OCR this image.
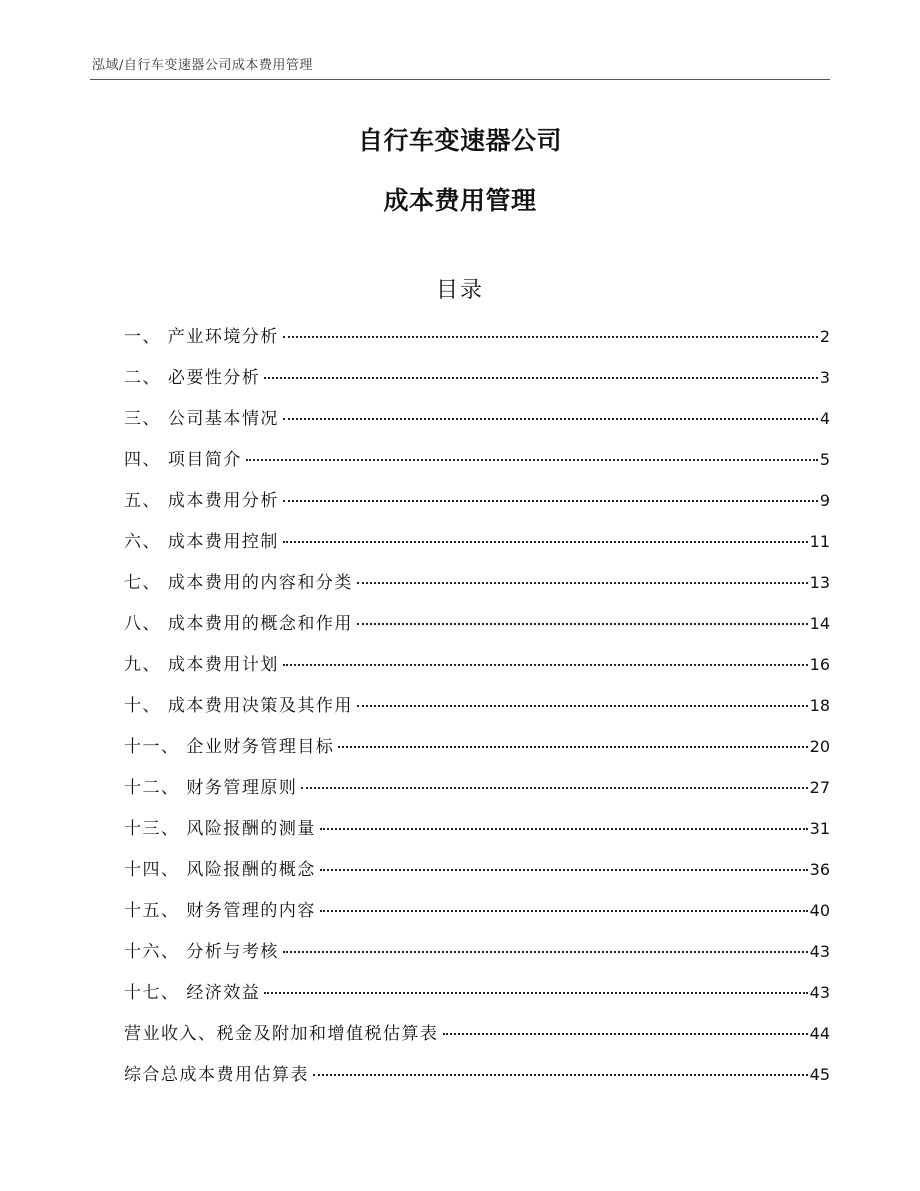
泓域/自行车变速器公司成本费用管理
自行车变速器公司
成本费用管理
目录
一、 产业环境分析	2
二、 必要性分析	3
三、 公司基本情况	4
四、 项目简介	5
五、 成本费用分析	9
六、 成本费用控制	11
七、 成本费用的内容和分类	13
八、 成本费用的概念和作用	14
九、 成本费用计划	16
十、 成本费用决策及其作用	18
十一、 企业财务管理目标	20
十二、 财务管理原则	27
十三、 风险报酬的测量	31
十四、 风险报酬的概念	36
十五、 财务管理的内容	40
十六、 分析与考核	43
十七、 经济效益	43
营业收入、税金及附加和增值税估算表	44
综合总成本费用估算表	45
